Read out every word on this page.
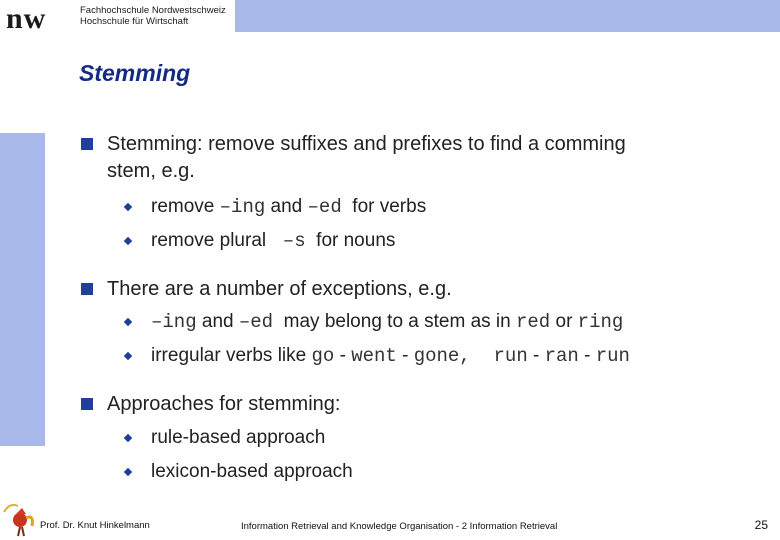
nw	Fachhochschule Nordwestschweiz
Hochschule für Wirtschaft
Stemming
Stemming: remove suffixes and prefixes to find a comming
stem, e.g.
remove –ing and –ed  for verbs
remove plural  –s  for nouns
There are a number of exceptions, e.g.
–ing and –ed  may belong to a stem as in red or ring
irregular verbs like go - went - gone,  run - ran - run
Approaches for stemming:
rule-based approach
lexicon-based approach
Prof. Dr. Knut Hinkelmann	Information Retrieval and Knowledge Organisation - 2 Information Retrieval	25
